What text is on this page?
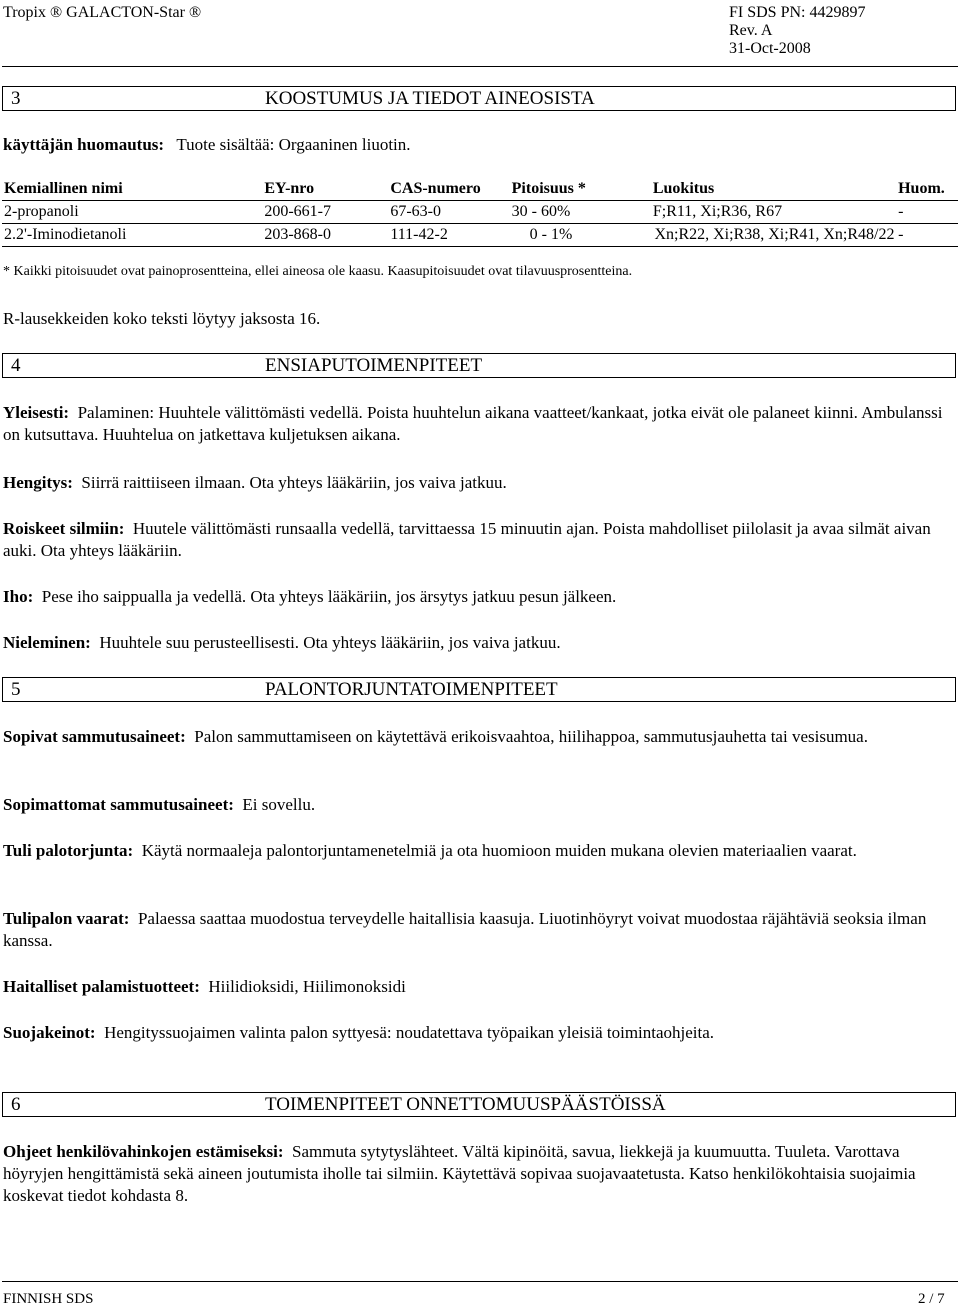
Tropix ® GALACTON-Star ®	FI SDS PN: 4429897
Rev. A
31-Oct-2008
3	KOOSTUMUS JA TIEDOT AINEOSISTA
käyttäjän huomautus: Tuote sisältää: Orgaaninen liuotin.
Kemiallinen nimi	EY-nro	CAS-numero	Pitoisuus *	Luokitus	Huom.
2-propanoli	200-661-7	67-63-0	30 - 60%	F;R11, Xi;R36, R67	-
2.2'-Iminodietanoli	203-868-0	111-42-2	0 - 1%	Xn;R22, Xi;R38, Xi;R41, Xn;R48/22	-
* Kaikki pitoisuudet ovat painoprosentteina, ellei aineosa ole kaasu. Kaasupitoisuudet ovat tilavuusprosentteina.
R-lausekkeiden koko teksti löytyy jaksosta 16.
4	ENSIAPUTOIMENPITEET
Yleisesti: Palaminen: Huuhtele välittömästi vedellä. Poista huuhtelun aikana vaatteet/kankaat, jotka eivät ole palaneet kiinni. Ambulanssi on kutsuttava. Huuhtelua on jatkettava kuljetuksen aikana.
Hengitys: Siirrä raittiiseen ilmaan. Ota yhteys lääkäriin, jos vaiva jatkuu.
Roiskeet silmiin: Huutele välittömästi runsaalla vedellä, tarvittaessa 15 minuutin ajan. Poista mahdolliset piilolasit ja avaa silmät aivan auki. Ota yhteys lääkäriin.
Iho: Pese iho saippualla ja vedellä. Ota yhteys lääkäriin, jos ärsytys jatkuu pesun jälkeen.
Nieleminen: Huuhtele suu perusteellisesti. Ota yhteys lääkäriin, jos vaiva jatkuu.
5	PALONTORJUNTATOIMENPITEET
Sopivat sammutusaineet: Palon sammuttamiseen on käytettävä erikoisvaahtoa, hiilihappoa, sammutusjauhetta tai vesisumua.
Sopimattomat sammutusaineet: Ei sovellu.
Tuli palotorjunta: Käytä normaaleja palontorjuntamenetelmiä ja ota huomioon muiden mukana olevien materiaalien vaarat.
Tulipalon vaarat: Palaessa saattaa muodostua terveydelle haitallisia kaasuja. Liuotinhöyryt voivat muodostaa räjähtäviä seoksia ilman kanssa.
Haitalliset palamistuotteet: Hiilidioksidi, Hiilimonoksidi
Suojakeinot: Hengityssuojaimen valinta palon syttyesä: noudatettava työpaikan yleisiä toimintaohjeita.
6	TOIMENPITEET ONNETTOMUUSPÄÄSTÖISSÄ
Ohjeet henkilövahinkojen estämiseksi: Sammuta sytytyslähteet. Vältä kipinöitä, savua, liekkejä ja kuumuutta. Tuuleta. Varottava höyryjen hengittämistä sekä aineen joutumista iholle tai silmiin. Käytettävä sopivaa suojavaatetusta. Katso henkilökohtaisia suojaimia koskevat tiedot kohdasta 8.
FINNISH SDS	2 / 7
